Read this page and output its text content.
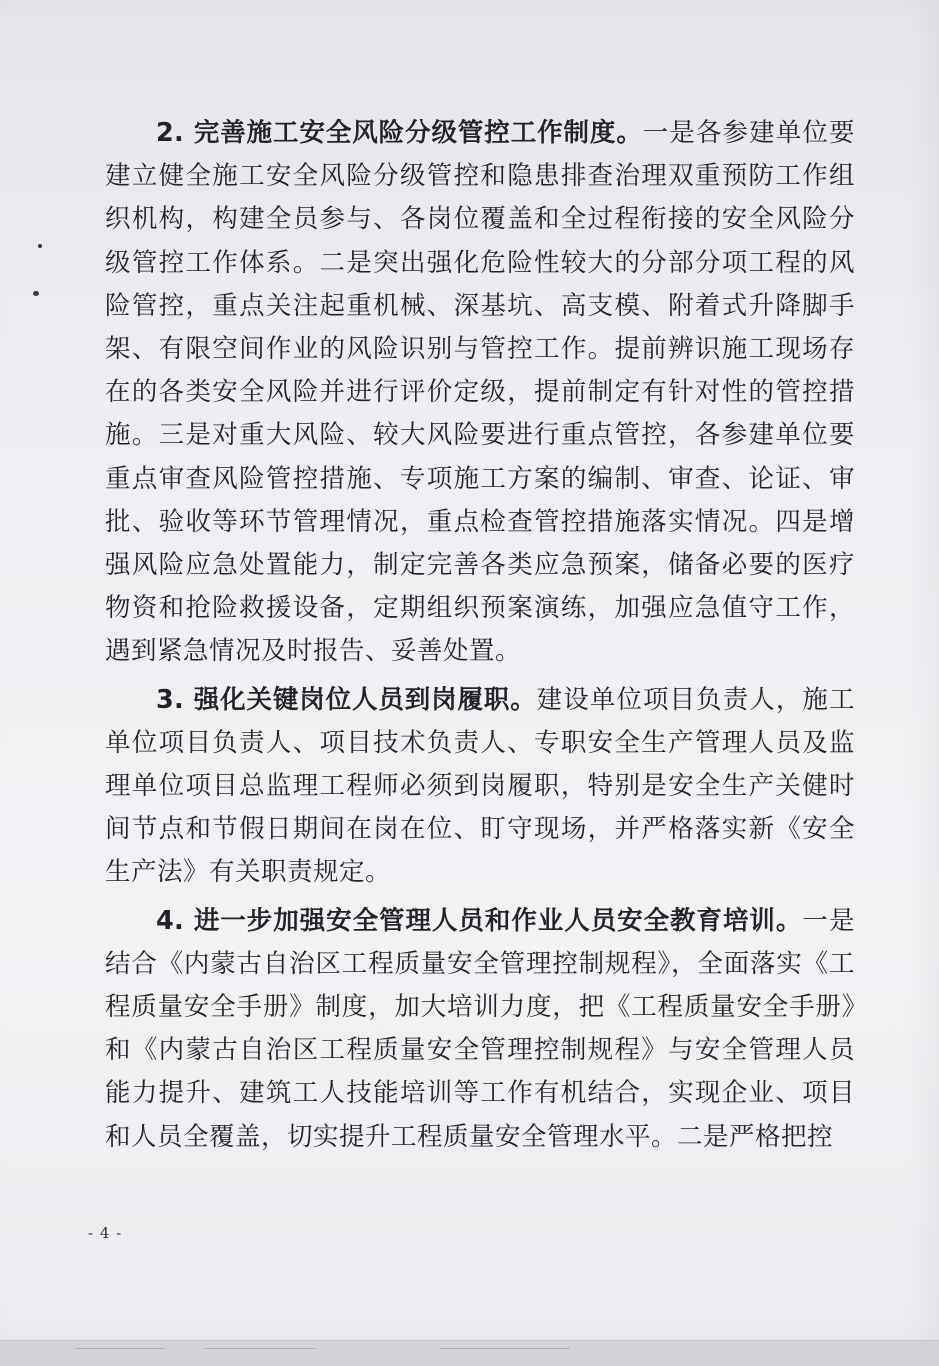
2. 完善施工安全风险分级管控工作制度。一是各参建单位要建立健全施工安全风险分级管控和隐患排查治理双重预防工作组织机构，构建全员参与、各岗位覆盖和全过程衔接的安全风险分级管控工作体系。二是突出强化危险性较大的分部分项工程的风险管控，重点关注起重机械、深基坑、高支模、附着式升降脚手架、有限空间作业的风险识别与管控工作。提前辨识施工现场存在的各类安全风险并进行评价定级，提前制定有针对性的管控措施。三是对重大风险、较大风险要进行重点管控，各参建单位要重点审查风险管控措施、专项施工方案的编制、审查、论证、审批、验收等环节管理情况，重点检查管控措施落实情况。四是增强风险应急处置能力，制定完善各类应急预案，储备必要的医疗物资和抢险救援设备，定期组织预案演练，加强应急值守工作，遇到紧急情况及时报告、妥善处置。

3. 强化关键岗位人员到岗履职。建设单位项目负责人，施工单位项目负责人、项目技术负责人、专职安全生产管理人员及监理单位项目总监理工程师必须到岗履职，特别是安全生产关健时间节点和节假日期间在岗在位、盯守现场，并严格落实新《安全生产法》有关职责规定。

4. 进一步加强安全管理人员和作业人员安全教育培训。一是结合《内蒙古自治区工程质量安全管理控制规程》，全面落实《工程质量安全手册》制度，加大培训力度，把《工程质量安全手册》和《内蒙古自治区工程质量安全管理控制规程》与安全管理人员能力提升、建筑工人技能培训等工作有机结合，实现企业、项目和人员全覆盖，切实提升工程质量安全管理水平。二是严格把控

- 4 -
